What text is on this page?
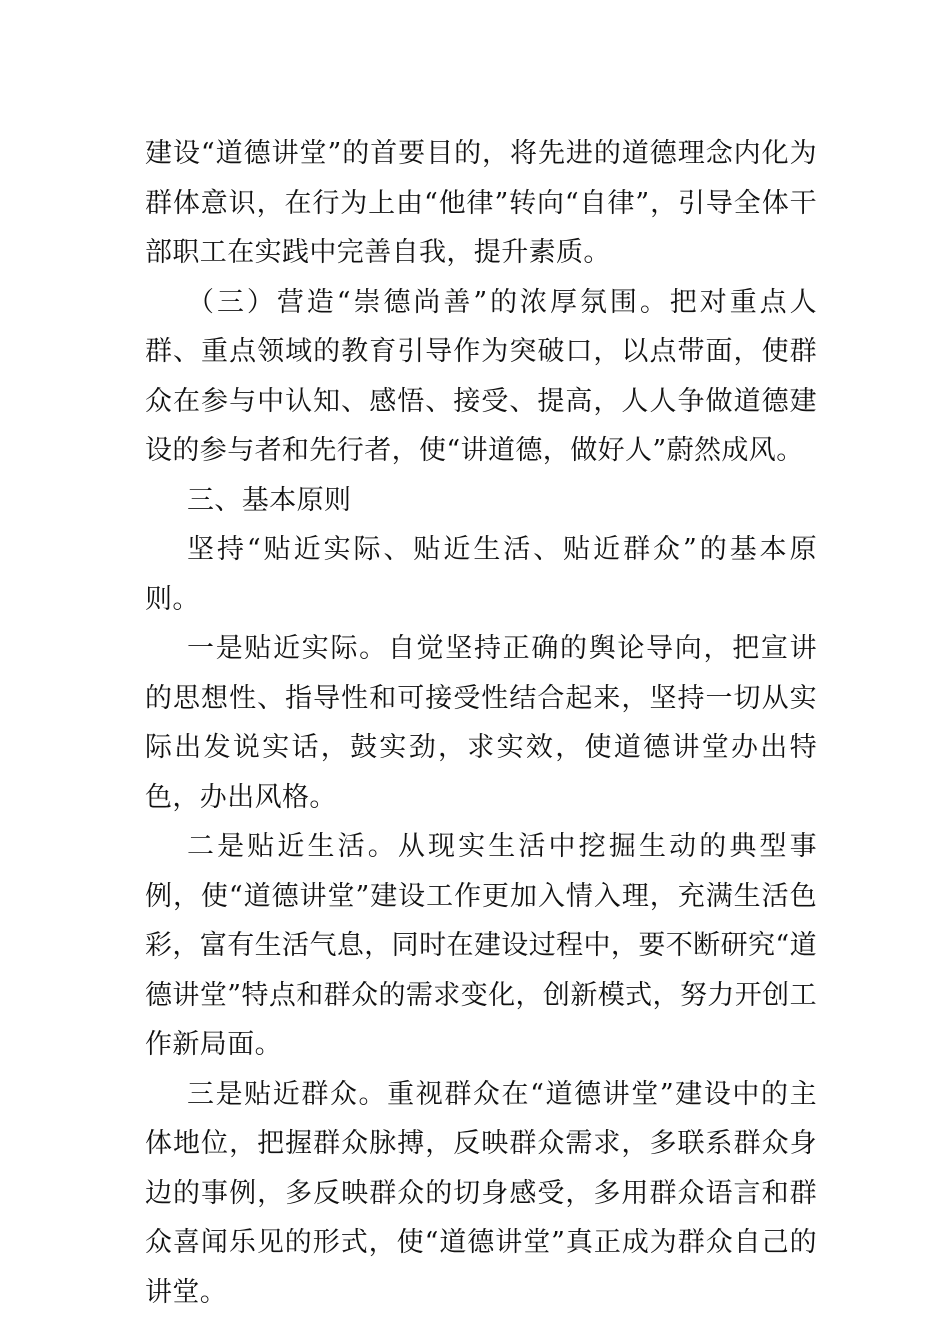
建设“道德讲堂”的首要目的，将先进的道德理念内化为群体意识，在行为上由“他律”转向“自律”，引导全体干部职工在实践中完善自我，提升素质。

（三）营造“崇德尚善”的浓厚氛围。把对重点人群、重点领域的教育引导作为突破口，以点带面，使群众在参与中认知、感悟、接受、提高，人人争做道德建设的参与者和先行者，使“讲道德，做好人”蔚然成风。

三、基本原则

坚持“贴近实际、贴近生活、贴近群众”的基本原则。

一是贴近实际。自觉坚持正确的舆论导向，把宣讲的思想性、指导性和可接受性结合起来，坚持一切从实际出发说实话，鼓实劲，求实效，使道德讲堂办出特色，办出风格。

二是贴近生活。从现实生活中挖掘生动的典型事例，使“道德讲堂”建设工作更加入情入理，充满生活色彩，富有生活气息，同时在建设过程中，要不断研究“道德讲堂”特点和群众的需求变化，创新模式，努力开创工作新局面。

三是贴近群众。重视群众在“道德讲堂”建设中的主体地位，把握群众脉搏，反映群众需求，多联系群众身边的事例，多反映群众的切身感受，多用群众语言和群众喜闻乐见的形式，使“道德讲堂”真正成为群众自己的讲堂。
